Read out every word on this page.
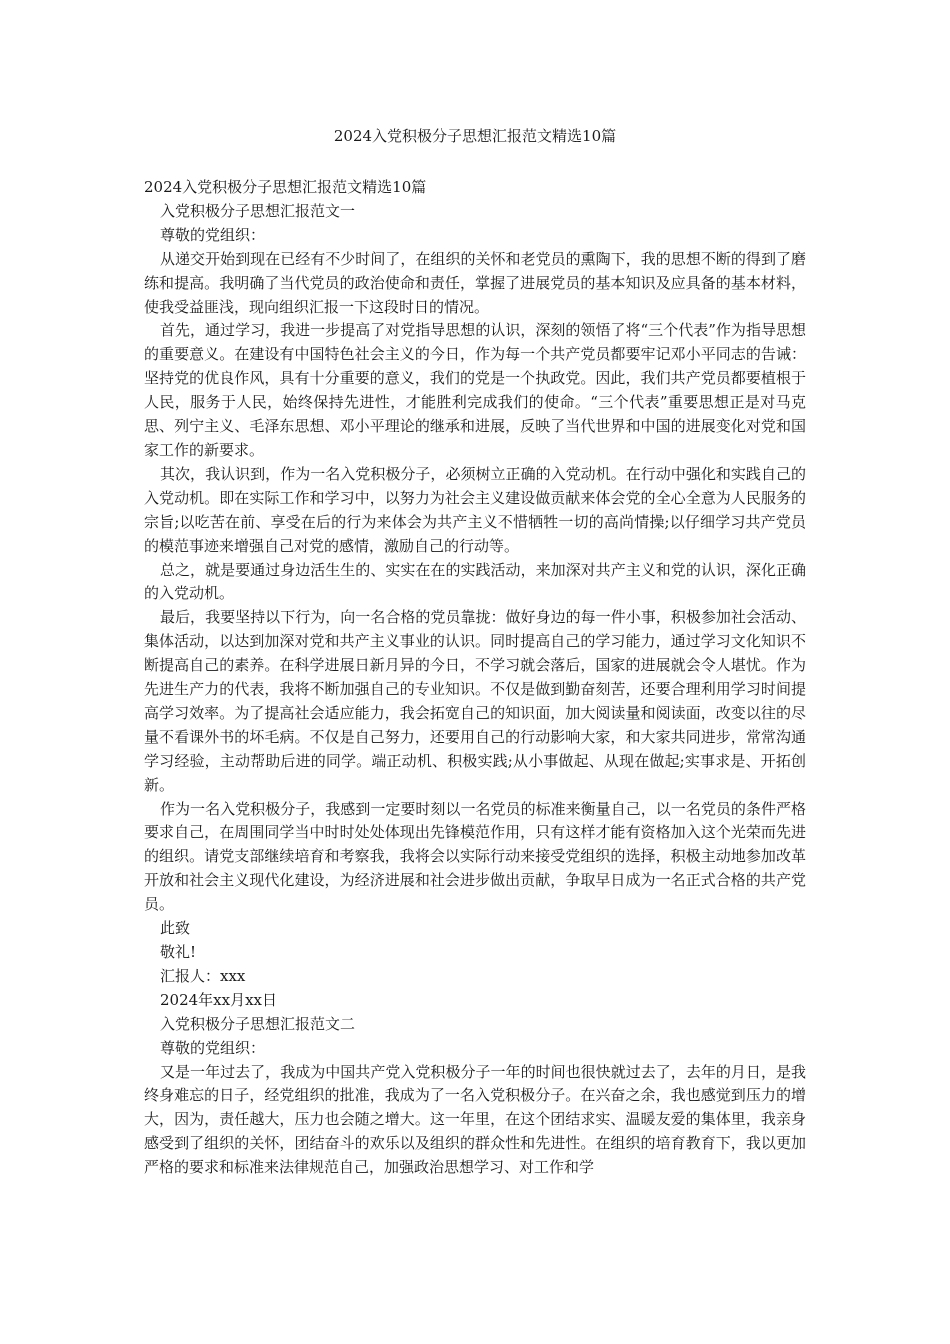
2024入党积极分子思想汇报范文精选10篇

2024入党积极分子思想汇报范文精选10篇

入党积极分子思想汇报范文一

尊敬的党组织：

从递交开始到现在已经有不少时间了，在组织的关怀和老党员的熏陶下，我的思想不断的得到了磨练和提高。我明确了当代党员的政治使命和责任，掌握了进展党员的基本知识及应具备的基本材料，使我受益匪浅，现向组织汇报一下这段时日的情况。

首先，通过学习，我进一步提高了对党指导思想的认识，深刻的领悟了将“三个代表”作为指导思想的重要意义。在建设有中国特色社会主义的今日，作为每一个共产党员都要牢记邓小平同志的告诫：坚持党的优良作风，具有十分重要的意义，我们的党是一个执政党。因此，我们共产党员都要植根于人民，服务于人民，始终保持先进性，才能胜利完成我们的使命。“三个代表”重要思想正是对马克思、列宁主义、毛泽东思想、邓小平理论的继承和进展，反映了当代世界和中国的进展变化对党和国家工作的新要求。

其次，我认识到，作为一名入党积极分子，必须树立正确的入党动机。在行动中强化和实践自己的入党动机。即在实际工作和学习中，以努力为社会主义建设做贡献来体会党的全心全意为人民服务的宗旨;以吃苦在前、享受在后的行为来体会为共产主义不惜牺牲一切的高尚情操;以仔细学习共产党员的模范事迹来增强自己对党的感情，激励自己的行动等。

总之，就是要通过身边活生生的、实实在在的实践活动，来加深对共产主义和党的认识，深化正确的入党动机。

最后，我要坚持以下行为，向一名合格的党员靠拢：做好身边的每一件小事，积极参加社会活动、集体活动，以达到加深对党和共产主义事业的认识。同时提高自己的学习能力，通过学习文化知识不断提高自己的素养。在科学进展日新月异的今日，不学习就会落后，国家的进展就会令人堪忧。作为先进生产力的代表，我将不断加强自己的专业知识。不仅是做到勤奋刻苦，还要合理利用学习时间提高学习效率。为了提高社会适应能力，我会拓宽自己的知识面，加大阅读量和阅读面，改变以往的尽量不看课外书的坏毛病。不仅是自己努力，还要用自己的行动影响大家，和大家共同进步，常常沟通学习经验，主动帮助后进的同学。端正动机、积极实践;从小事做起、从现在做起;实事求是、开拓创新。

作为一名入党积极分子，我感到一定要时刻以一名党员的标准来衡量自己，以一名党员的条件严格要求自己，在周围同学当中时时处处体现出先锋模范作用，只有这样才能有资格加入这个光荣而先进的组织。请党支部继续培育和考察我，我将会以实际行动来接受党组织的选择，积极主动地参加改革开放和社会主义现代化建设，为经济进展和社会进步做出贡献，争取早日成为一名正式合格的共产党员。

此致

敬礼!

汇报人：xxx

2024年xx月xx日

入党积极分子思想汇报范文二

尊敬的党组织：

又是一年过去了，我成为中国共产党入党积极分子一年的时间也很快就过去了，去年的月日，是我终身难忘的日子，经党组织的批准，我成为了一名入党积极分子。在兴奋之余，我也感觉到压力的增大，因为，责任越大，压力也会随之增大。这一年里，在这个团结求实、温暖友爱的集体里，我亲身感受到了组织的关怀，团结奋斗的欢乐以及组织的群众性和先进性。在组织的培育教育下，我以更加严格的要求和标准来法律规范自己，加强政治思想学习、对工作和学
